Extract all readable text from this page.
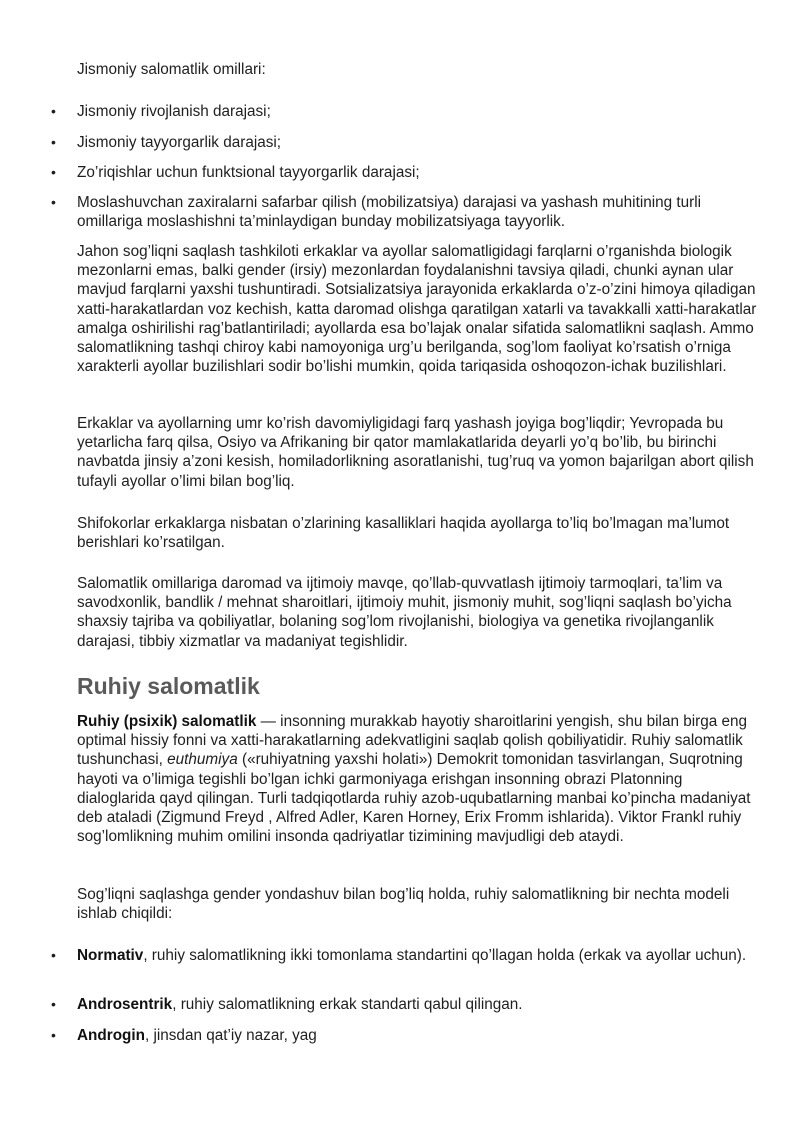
Jismoniy salomatlik omillari:

•	Jismoniy rivojlanish darajasi;
•	Jismoniy tayyorgarlik darajasi;
•	Zo’riqishlar uchun funktsional tayyorgarlik darajasi;
•	Moslashuvchan zaxiralarni safarbar qilish (mobilizatsiya) darajasi va yashash muhitining turli omillariga moslashishni ta’minlaydigan bunday mobilizatsiyaga tayyorlik.

Jahon sog’liqni saqlash tashkiloti erkaklar va ayollar salomatligidagi farqlarni o’rganishda biologik mezonlarni emas, balki gender (irsiy) mezonlardan foydalanishni tavsiya qiladi, chunki aynan ular mavjud farqlarni yaxshi tushuntiradi. Sotsializatsiya jarayonida erkaklarda o’z-o’zini himoya qiladigan xatti-harakatlardan voz kechish, katta daromad olishga qaratilgan xatarli va tavakkalli xatti-harakatlar amalga oshirilishi rag’batlantiriladi; ayollarda esa bo’lajak onalar sifatida salomatlikni saqlash. Ammo salomatlikning tashqi chiroy kabi namoyoniga urg’u berilganda, sog’lom faoliyat ko’rsatish o’rniga xarakterli ayollar buzilishlari sodir bo’lishi mumkin, qoida tariqasida oshoqozon-ichak buzilishlari.

Erkaklar va ayollarning umr ko’rish davomiyligidagi farq yashash joyiga bog’liqdir; Yevropada bu yetarlicha farq qilsa, Osiyo va Afrikaning bir qator mamlakatlarida deyarli yo’q bo’lib, bu birinchi navbatda jinsiy a’zoni kesish, homiladorlikning asoratlanishi, tug’ruq va yomon bajarilgan abort qilish tufayli ayollar o’limi bilan bog’liq.

Shifokorlar erkaklarga nisbatan o’zlarining kasalliklari haqida ayollarga to’liq bo’lmagan ma’lumot berishlari ko’rsatilgan.

Salomatlik omillariga daromad va ijtimoiy mavqe, qo’llab-quvvatlash ijtimoiy tarmoqlari, ta’lim va savodxonlik, bandlik / mehnat sharoitlari, ijtimoiy muhit, jismoniy muhit, sog’liqni saqlash bo’yicha shaxsiy tajriba va qobiliyatlar, bolaning sog’lom rivojlanishi, biologiya va genetika rivojlanganlik darajasi, tibbiy xizmatlar va madaniyat tegishlidir.

Ruhiy salomatlik

Ruhiy (psixik) salomatlik — insonning murakkab hayotiy sharoitlarini yengish, shu bilan birga eng optimal hissiy fonni va xatti-harakatlarning adekvatligini saqlab qolish qobiliyatidir. Ruhiy salomatlik tushunchasi, euthumiya («ruhiyatning yaxshi holati») Demokrit tomonidan tasvirlangan, Suqrotning hayoti va o’limiga tegishli bo’lgan ichki garmoniyaga erishgan insonning obrazi Platonning dialoglarida qayd qilingan. Turli tadqiqotlarda ruhiy azob-uqubatlarning manbai ko’pincha madaniyat deb ataladi (Zigmund Freyd , Alfred Adler, Karen Horney, Erix Fromm ishlarida). Viktor Frankl ruhiy sog’lomlikning muhim omilini insonda qadriyatlar tizimining mavjudligi deb ataydi.

Sog’liqni saqlashga gender yondashuv bilan bog’liq holda, ruhiy salomatlikning bir nechta modeli ishlab chiqildi:

•	Normativ, ruhiy salomatlikning ikki tomonlama standartini qo’llagan holda (erkak va ayollar uchun).
•	Androsentrik, ruhiy salomatlikning erkak standarti qabul qilingan.
•	Androgin, jinsdan qat’iy nazar, yag
